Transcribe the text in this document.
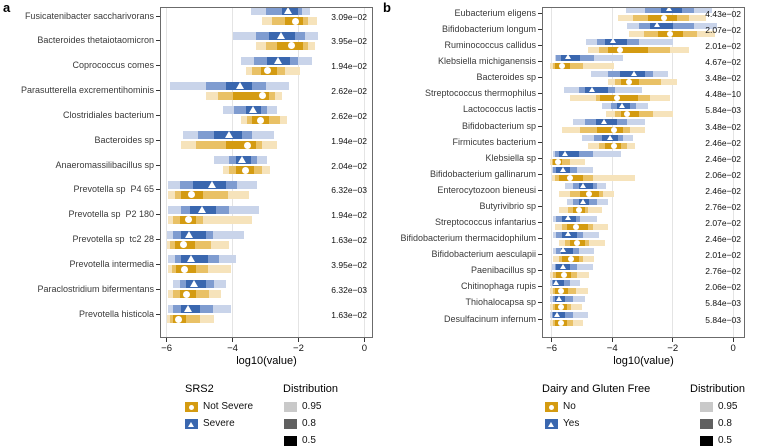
a	b
Fusicatenibacter saccharivorans	3.09e−02
Bacteroides thetaiotaomicron	3.95e−02
Coprococcus comes	1.94e−02
Parasutterella excrementihominis	2.62e−02
Clostridiales bacterium	2.62e−02
Bacteroides sp	1.94e−02
Anaeromassilibacillus sp	2.04e−02
Prevotella sp  P4 65	6.32e−03
Prevotella sp  P2 180	1.94e−02
Prevotella sp  tc2 28	1.63e−02
Prevotella intermedia	3.95e−02
Paraclostridium bifermentans	6.32e−03
Prevotella histicola	1.63e−02
−6	−4	−2	0
log10(value)
Eubacterium eligens	4.43e−02
Bifidobacterium longum	2.07e−02
Ruminococcus callidus	2.01e−02
Klebsiella michiganensis	4.67e−02
Bacteroides sp	3.48e−02
Streptococcus thermophilus	4.48e−10
Lactococcus lactis	5.84e−03
Bifidobacterium sp	3.48e−02
Firmicutes bacterium	2.46e−02
Klebsiella sp	2.46e−02
Bifidobacterium gallinarum	2.06e−02
Enterocytozoon bieneusi	2.46e−02
Butyrivibrio sp	2.76e−02
Streptococcus infantarius	2.07e−02
Bifidobacterium thermacidophilum	2.46e−02
Bifidobacterium aesculapii	2.01e−02
Paenibacillus sp	2.76e−02
Chitinophaga rupis	2.06e−02
Thiohalocapsa sp	5.84e−03
Desulfacinum infernum	5.84e−03
−6	−4	−2	0
log10(value)
SRS2
Not Severe
Severe
Distribution
0.95
0.8
0.5
Dairy and Gluten Free
No
Yes
Distribution
0.95
0.8
0.5
